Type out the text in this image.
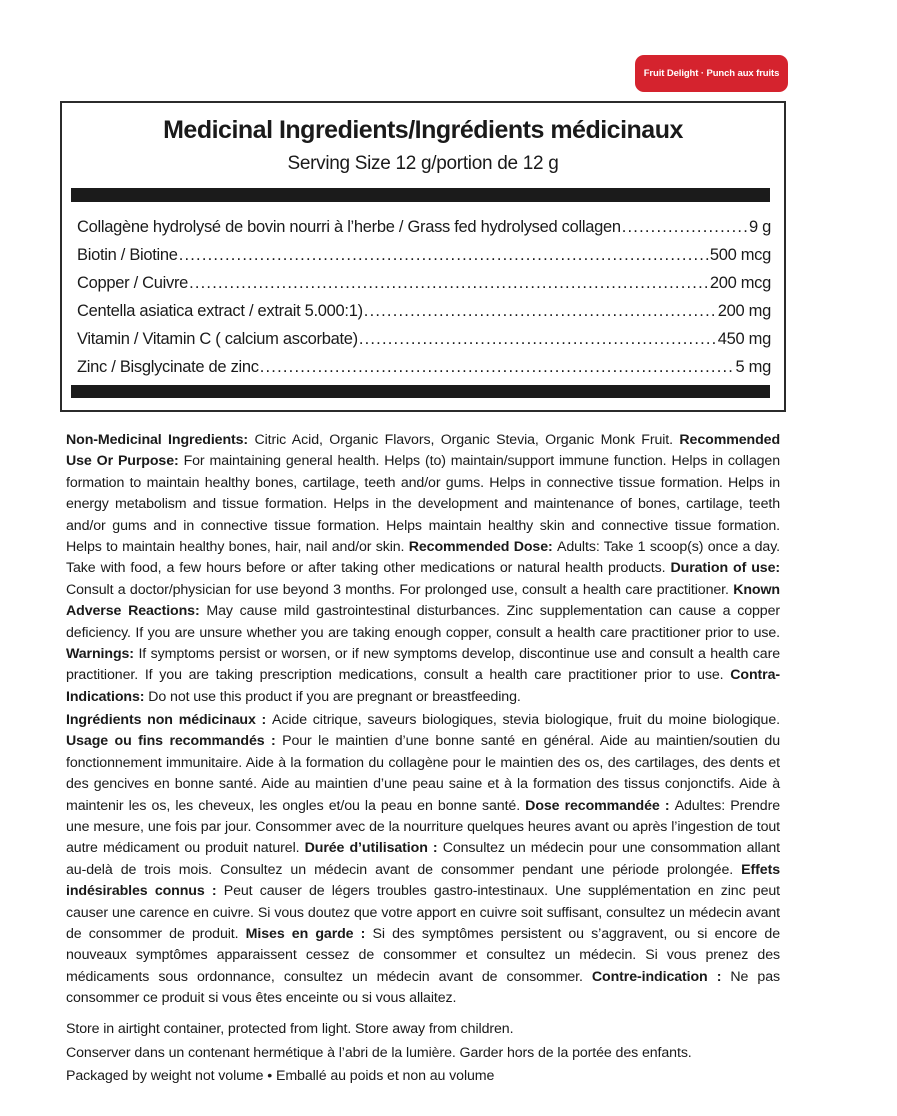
Fruit Delight · Punch aux fruits
Medicinal Ingredients/Ingrédients médicinaux
Serving Size 12 g/portion de 12 g
Collagène hydrolysé de bovin nourri à l’herbe / Grass fed hydrolysed collagen .....	9 g
Biotin / Biotine .....	500 mcg
Copper / Cuivre .....	200 mcg
Centella asiatica extract / extrait 5.000:1) .....	200 mg
Vitamin / Vitamin C ( calcium ascorbate) .....	450 mg
Zinc / Bisglycinate de zinc .....	5 mg
Non-Medicinal Ingredients: Citric Acid, Organic Flavors, Organic Stevia, Organic Monk Fruit. Recommended Use Or Purpose: For maintaining general health. Helps (to) maintain/support immune function. Helps in collagen formation to maintain healthy bones, cartilage, teeth and/or gums. Helps in connective tissue formation. Helps in energy metabolism and tissue formation. Helps in the development and maintenance of bones, cartilage, teeth and/or gums and in connective tissue formation. Helps maintain healthy skin and connective tissue formation. Helps to maintain healthy bones, hair, nail and/or skin. Recommended Dose: Adults: Take 1 scoop(s) once a day. Take with food, a few hours before or after taking other medications or natural health products. Duration of use: Consult a doctor/physician for use beyond 3 months. For prolonged use, consult a health care practitioner. Known Adverse Reactions: May cause mild gastrointestinal disturbances. Zinc supplementation can cause a copper deficiency. If you are unsure whether you are taking enough copper, consult a health care practitioner prior to use. Warnings: If symptoms persist or worsen, or if new symptoms develop, discontinue use and consult a health care practitioner. If you are taking prescription medications, consult a health care practitioner prior to use. Contra-Indications: Do not use this product if you are pregnant or breastfeeding.
Ingrédients non médicinaux : Acide citrique, saveurs biologiques, stevia biologique, fruit du moine biologique. Usage ou fins recommandés : Pour le maintien d’une bonne santé en général. Aide au maintien/soutien du fonctionnement immunitaire. Aide à la formation du collagène pour le maintien des os, des cartilages, des dents et des gencives en bonne santé. Aide au maintien d’une peau saine et à la formation des tissus conjonctifs. Aide à maintenir les os, les cheveux, les ongles et/ou la peau en bonne santé. Dose recommandée : Adultes: Prendre une mesure, une fois par jour. Consommer avec de la nourriture quelques heures avant ou après l’ingestion de tout autre médicament ou produit naturel. Durée d’utilisation : Consultez un médecin pour une consommation allant au-delà de trois mois. Consultez un médecin avant de consommer pendant une période prolongée. Effets indésirables connus : Peut causer de légers troubles gastro-intestinaux. Une supplémentation en zinc peut causer une carence en cuivre. Si vous doutez que votre apport en cuivre soit suffisant, consultez un médecin avant de consommer de produit. Mises en garde : Si des symptômes persistent ou s’aggravent, ou si encore de nouveaux symptômes apparaissent cessez de consommer et consultez un médecin. Si vous prenez des médicaments sous ordonnance, consultez un médecin avant de consommer. Contre-indication : Ne pas consommer ce produit si vous êtes enceinte ou si vous allaitez.
Store in airtight container, protected from light. Store away from children.
Conserver dans un contenant hermétique à l’abri de la lumière. Garder hors de la portée des enfants.
Packaged by weight not volume • Emballé au poids et non au volume
